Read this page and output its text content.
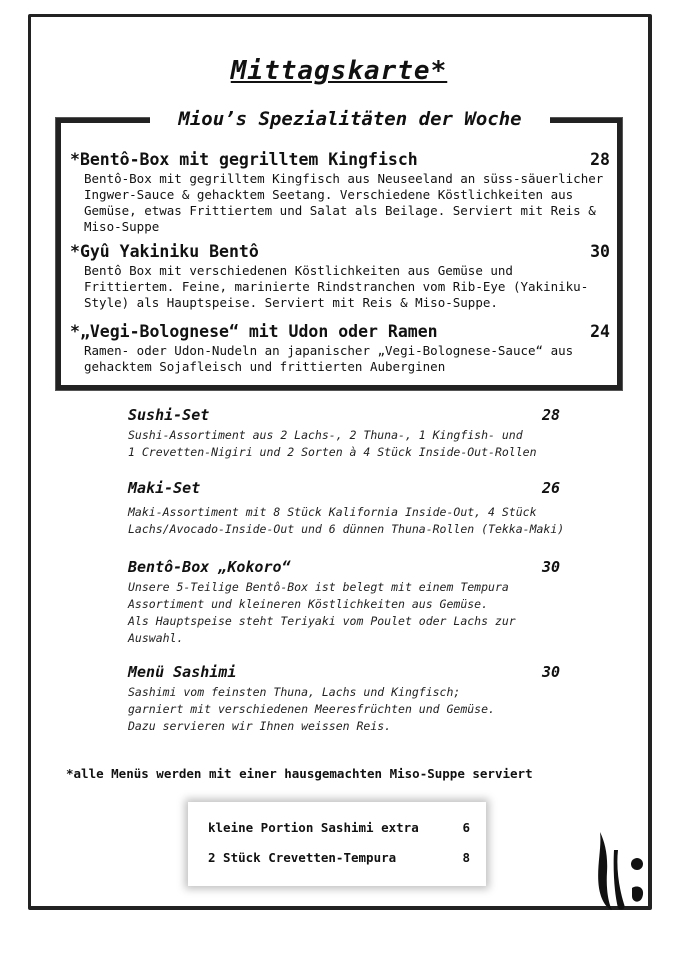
Mittagskarte*
Miou’s Spezialitäten der Woche
*Bentô-Box mit gegrilltem Kingfisch	28
Bentô-Box mit gegrilltem Kingfisch aus Neuseeland an süss-säuerlicher
Ingwer-Sauce & gehacktem Seetang. Verschiedene Köstlichkeiten aus
Gemüse, etwas Frittiertem und Salat als Beilage. Serviert mit Reis &
Miso-Suppe
*Gyû Yakiniku Bentô	30
Bentô Box mit verschiedenen Köstlichkeiten aus Gemüse und
Frittiertem. Feine, marinierte Rindstranchen vom Rib-Eye (Yakiniku-
Style) als Hauptspeise. Serviert mit Reis & Miso-Suppe.
*„Vegi-Bolognese“ mit Udon oder Ramen	24
Ramen- oder Udon-Nudeln an japanischer „Vegi-Bolognese-Sauce“ aus
gehacktem Sojafleisch und frittierten Auberginen
Sushi-Set	28
Sushi-Assortiment aus 2 Lachs-, 2 Thuna-, 1 Kingfish- und
1 Crevetten-Nigiri und 2 Sorten à 4 Stück Inside-Out-Rollen
Maki-Set	26
Maki-Assortiment mit 8 Stück Kalifornia Inside-Out, 4 Stück
Lachs/Avocado-Inside-Out und 6 dünnen Thuna-Rollen (Tekka-Maki)
Bentô-Box „Kokoro“	30
Unsere 5-Teilige Bentô-Box ist belegt mit einem Tempura
Assortiment und kleineren Köstlichkeiten aus Gemüse.
Als Hauptspeise steht Teriyaki vom Poulet oder Lachs zur
Auswahl.
Menü Sashimi	30
Sashimi vom feinsten Thuna, Lachs und Kingfisch;
garniert mit verschiedenen Meeresfrüchten und Gemüse.
Dazu servieren wir Ihnen weissen Reis.
*alle Menüs werden mit einer hausgemachten Miso-Suppe serviert
kleine Portion Sashimi extra	6
2 Stück Crevetten-Tempura	8
